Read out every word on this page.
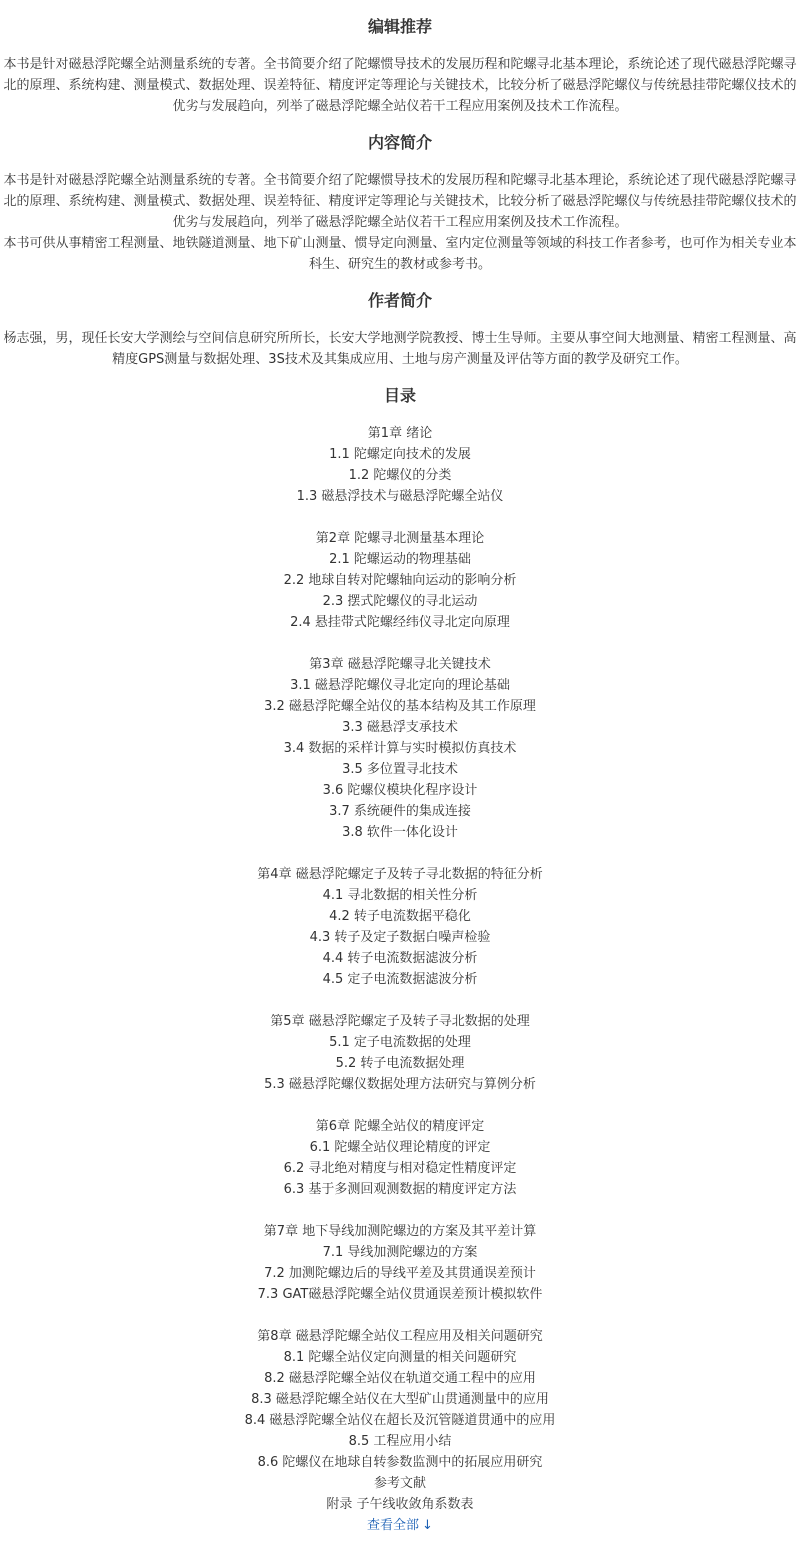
编辑推荐

本书是针对磁悬浮陀螺全站测量系统的专著。全书简要介绍了陀螺惯导技术的发展历程和陀螺寻北基本理论，系统论述了现代磁悬浮陀螺寻北的原理、系统构建、测量模式、数据处理、误差特征、精度评定等理论与关键技术，比较分析了磁悬浮陀螺仪与传统悬挂带陀螺仪技术的优劣与发展趋向，列举了磁悬浮陀螺全站仪若干工程应用案例及技术工作流程。

内容简介

本书是针对磁悬浮陀螺全站测量系统的专著。全书简要介绍了陀螺惯导技术的发展历程和陀螺寻北基本理论，系统论述了现代磁悬浮陀螺寻北的原理、系统构建、测量模式、数据处理、误差特征、精度评定等理论与关键技术，比较分析了磁悬浮陀螺仪与传统悬挂带陀螺仪技术的优劣与发展趋向，列举了磁悬浮陀螺全站仪若干工程应用案例及技术工作流程。

本书可供从事精密工程测量、地铁隧道测量、地下矿山测量、惯导定向测量、室内定位测量等领域的科技工作者参考，也可作为相关专业本科生、研究生的教材或参考书。

作者简介

杨志强，男，现任长安大学测绘与空间信息研究所所长，长安大学地测学院教授、博士生导师。主要从事空间大地测量、精密工程测量、高精度GPS测量与数据处理、3S技术及其集成应用、土地与房产测量及评估等方面的教学及研究工作。

目录
第1章 绪论
1.1 陀螺定向技术的发展
1.2 陀螺仪的分类
1.3 磁悬浮技术与磁悬浮陀螺全站仪
第2章 陀螺寻北测量基本理论
2.1 陀螺运动的物理基础
2.2 地球自转对陀螺轴向运动的影响分析
2.3 摆式陀螺仪的寻北运动
2.4 悬挂带式陀螺经纬仪寻北定向原理
第3章 磁悬浮陀螺寻北关键技术
3.1 磁悬浮陀螺仪寻北定向的理论基础
3.2 磁悬浮陀螺全站仪的基本结构及其工作原理
3.3 磁悬浮支承技术
3.4 数据的采样计算与实时模拟仿真技术
3.5 多位置寻北技术
3.6 陀螺仪模块化程序设计
3.7 系统硬件的集成连接
3.8 软件一体化设计
第4章 磁悬浮陀螺定子及转子寻北数据的特征分析
4.1 寻北数据的相关性分析
4.2 转子电流数据平稳化
4.3 转子及定子数据白噪声检验
4.4 转子电流数据滤波分析
4.5 定子电流数据滤波分析
第5章 磁悬浮陀螺定子及转子寻北数据的处理
5.1 定子电流数据的处理
5.2 转子电流数据处理
5.3 磁悬浮陀螺仪数据处理方法研究与算例分析
第6章 陀螺全站仪的精度评定
6.1 陀螺全站仪理论精度的评定
6.2 寻北绝对精度与相对稳定性精度评定
6.3 基于多测回观测数据的精度评定方法
第7章 地下导线加测陀螺边的方案及其平差计算
7.1 导线加测陀螺边的方案
7.2 加测陀螺边后的导线平差及其贯通误差预计
7.3 GAT磁悬浮陀螺全站仪贯通误差预计模拟软件
第8章 磁悬浮陀螺全站仪工程应用及相关问题研究
8.1 陀螺全站仪定向测量的相关问题研究
8.2 磁悬浮陀螺全站仪在轨道交通工程中的应用
8.3 磁悬浮陀螺全站仪在大型矿山贯通测量中的应用
8.4 磁悬浮陀螺全站仪在超长及沉管隧道贯通中的应用
8.5 工程应用小结
8.6 陀螺仪在地球自转参数监测中的拓展应用研究
参考文献
附录 子午线收敛角系数表
查看全部 ↓
